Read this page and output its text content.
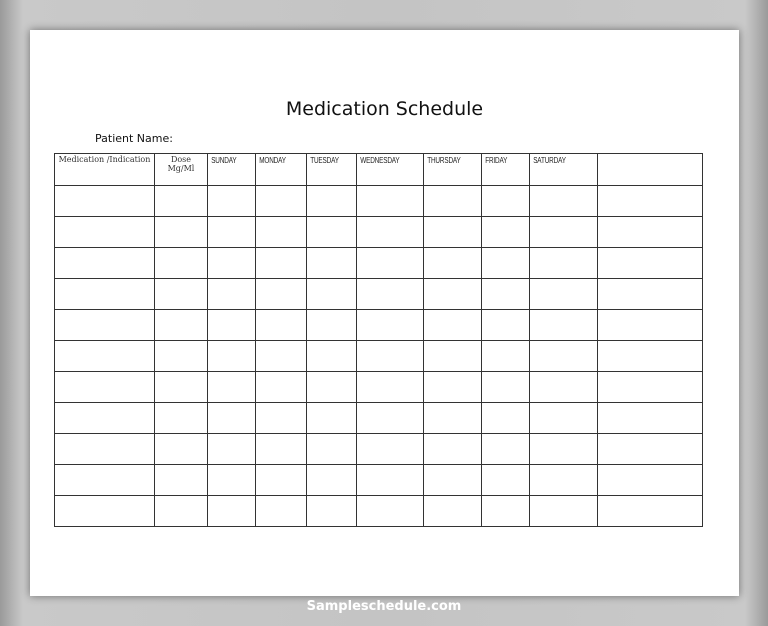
Medication Schedule
Patient Name:
Medication /Indication	Dose Mg/Ml	SUNDAY	MONDAY	TUESDAY	WEDNESDAY	THURSDAY	FRIDAY	SATURDAY	

Sampleschedule.com
